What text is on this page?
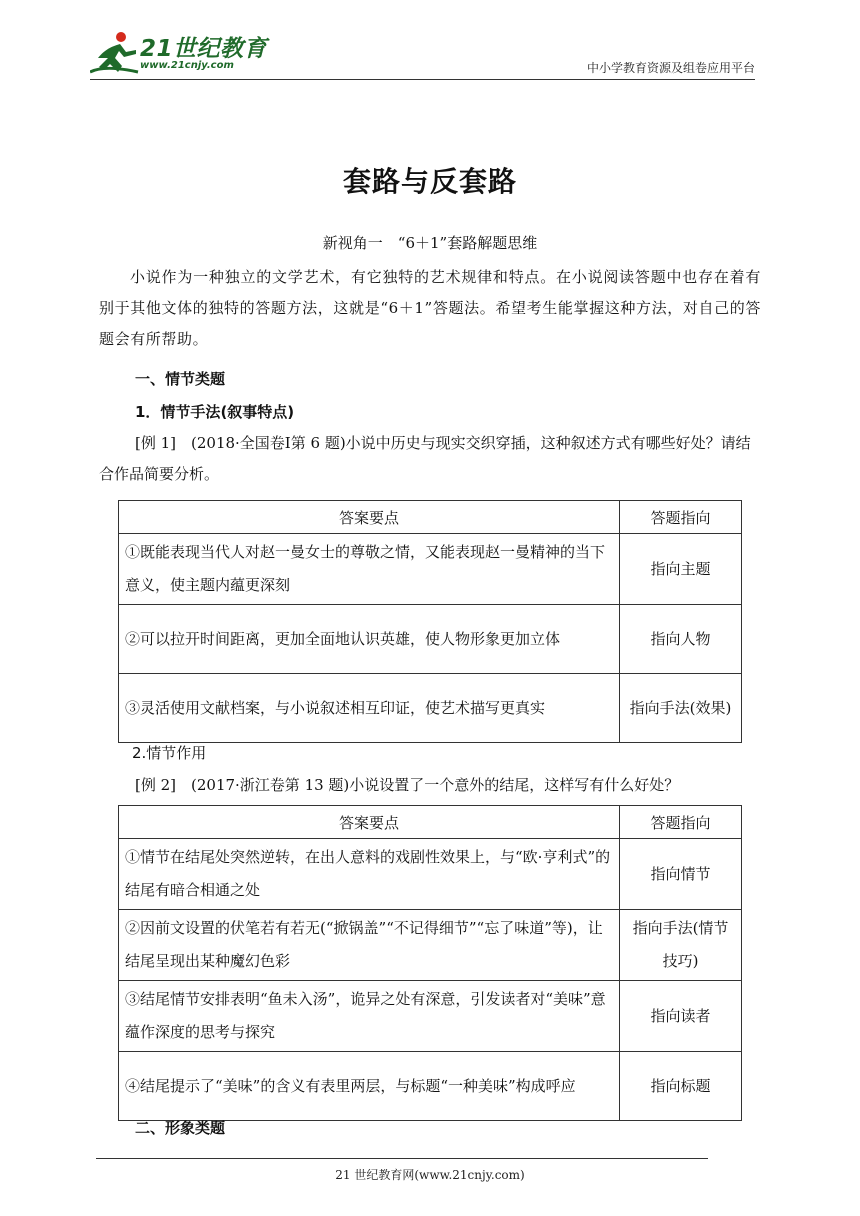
21世纪教育
www.21cnjy.com	中小学教育资源及组卷应用平台
套路与反套路
新视角一　“6＋1”套路解题思维
小说作为一种独立的文学艺术，有它独特的艺术规律和特点。在小说阅读答题中也存在着有别于其他文体的独特的答题方法，这就是“6＋1”答题法。希望考生能掌握这种方法，对自己的答题会有所帮助。
一、情节类题
1．情节手法(叙事特点)
[例 1]　(2018·全国卷Ⅰ第 6 题)小说中历史与现实交织穿插，这种叙述方式有哪些好处？请结合作品简要分析。
答案要点	答题指向
①既能表现当代人对赵一曼女士的尊敬之情，又能表现赵一曼精神的当下意义，使主题内蕴更深刻	指向主题
②可以拉开时间距离，更加全面地认识英雄，使人物形象更加立体	指向人物
③灵活使用文献档案，与小说叙述相互印证，使艺术描写更真实	指向手法(效果)
2.情节作用
[例 2]　(2017·浙江卷第 13 题)小说设置了一个意外的结尾，这样写有什么好处？
答案要点	答题指向
①情节在结尾处突然逆转，在出人意料的戏剧性效果上，与“欧·亨利式”的结尾有暗合相通之处	指向情节
②因前文设置的伏笔若有若无(“掀锅盖”“不记得细节”“忘了味道”等)，让结尾呈现出某种魔幻色彩	指向手法(情节技巧)
③结尾情节安排表明“鱼未入汤”，诡异之处有深意，引发读者对“美味”意蕴作深度的思考与探究	指向读者
④结尾提示了“美味”的含义有表里两层，与标题“一种美味”构成呼应	指向标题
二、形象类题
21 世纪教育网(www.21cnjy.com)
